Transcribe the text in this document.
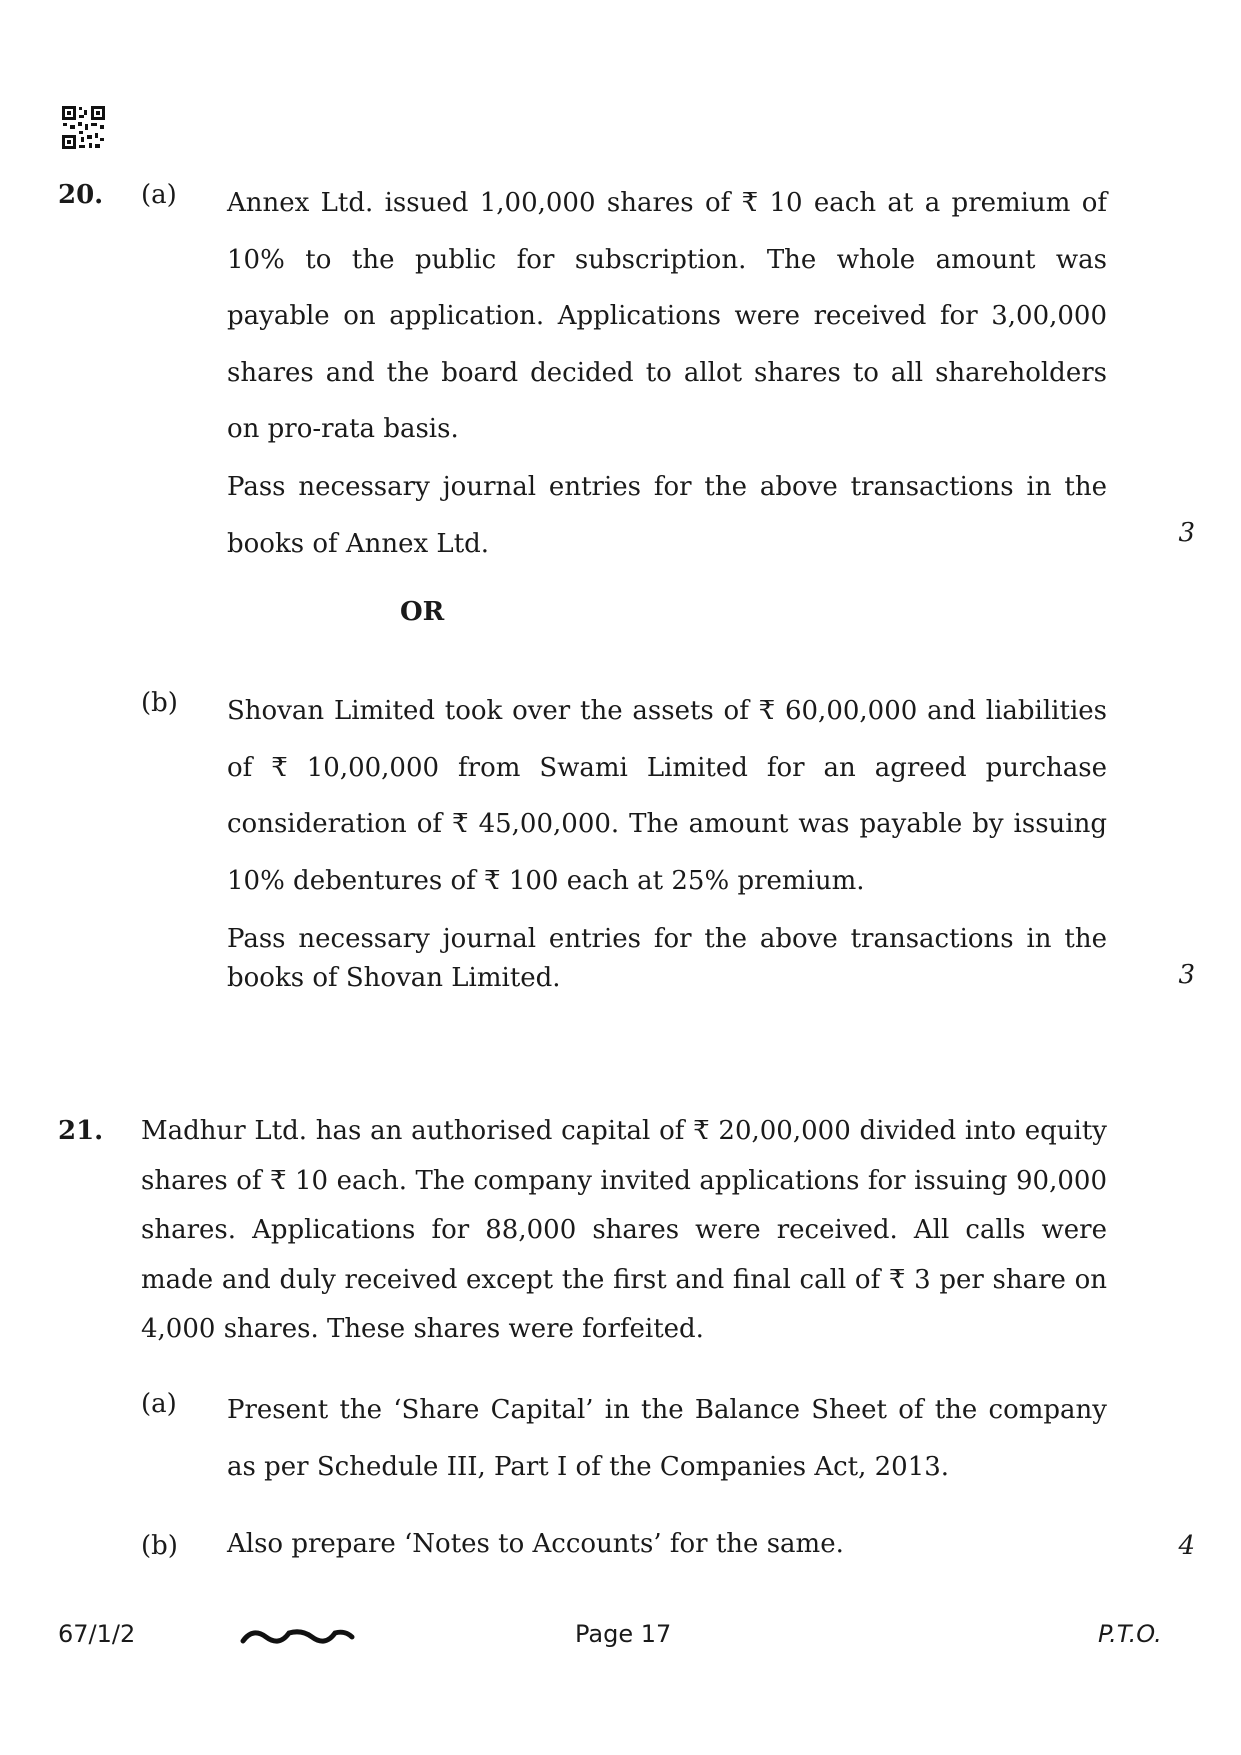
20. (a) Annex Ltd. issued 1,00,000 shares of ₹ 10 each at a premium of 10% to the public for subscription. The whole amount was payable on application. Applications were received for 3,00,000 shares and the board decided to allot shares to all shareholders on pro-rata basis.

Pass necessary journal entries for the above transactions in the books of Annex Ltd.	3
OR
(b) Shovan Limited took over the assets of ₹ 60,00,000 and liabilities of ₹ 10,00,000 from Swami Limited for an agreed purchase consideration of ₹ 45,00,000. The amount was payable by issuing 10% debentures of ₹ 100 each at 25% premium.

Pass necessary journal entries for the above transactions in the books of Shovan Limited.	3
21. Madhur Ltd. has an authorised capital of ₹ 20,00,000 divided into equity shares of ₹ 10 each. The company invited applications for issuing 90,000 shares. Applications for 88,000 shares were received. All calls were made and duly received except the first and final call of ₹ 3 per share on 4,000 shares. These shares were forfeited.

(a) Present the ‘Share Capital’ in the Balance Sheet of the company as per Schedule III, Part I of the Companies Act, 2013.

(b) Also prepare ‘Notes to Accounts’ for the same.	4
67/1/2	Page 17	P.T.O.
